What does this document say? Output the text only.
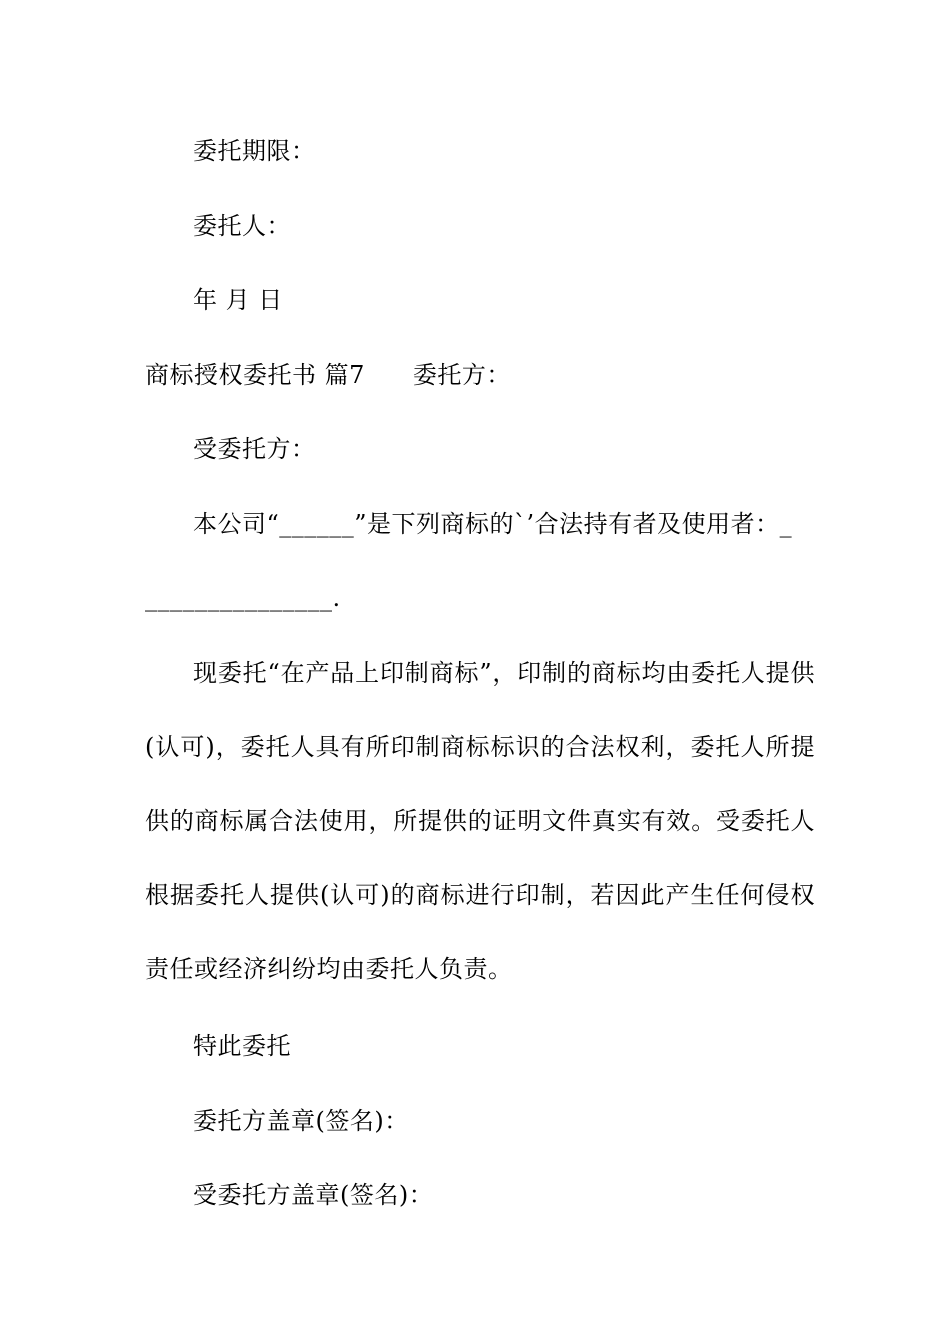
委托期限：
委托人：
年 月 日
商标授权委托书 篇7 委托方：
受委托方：
本公司“______”是下列商标的`’合法持有者及使用者：_
_______________.
现委托“在产品上印制商标”，印制的商标均由委托人提供(认可)，委托人具有所印制商标标识的合法权利，委托人所提供的商标属合法使用，所提供的证明文件真实有效。受委托人根据委托人提供(认可)的商标进行印制，若因此产生任何侵权责任或经济纠纷均由委托人负责。
特此委托
委托方盖章(签名)：
受委托方盖章(签名)：
